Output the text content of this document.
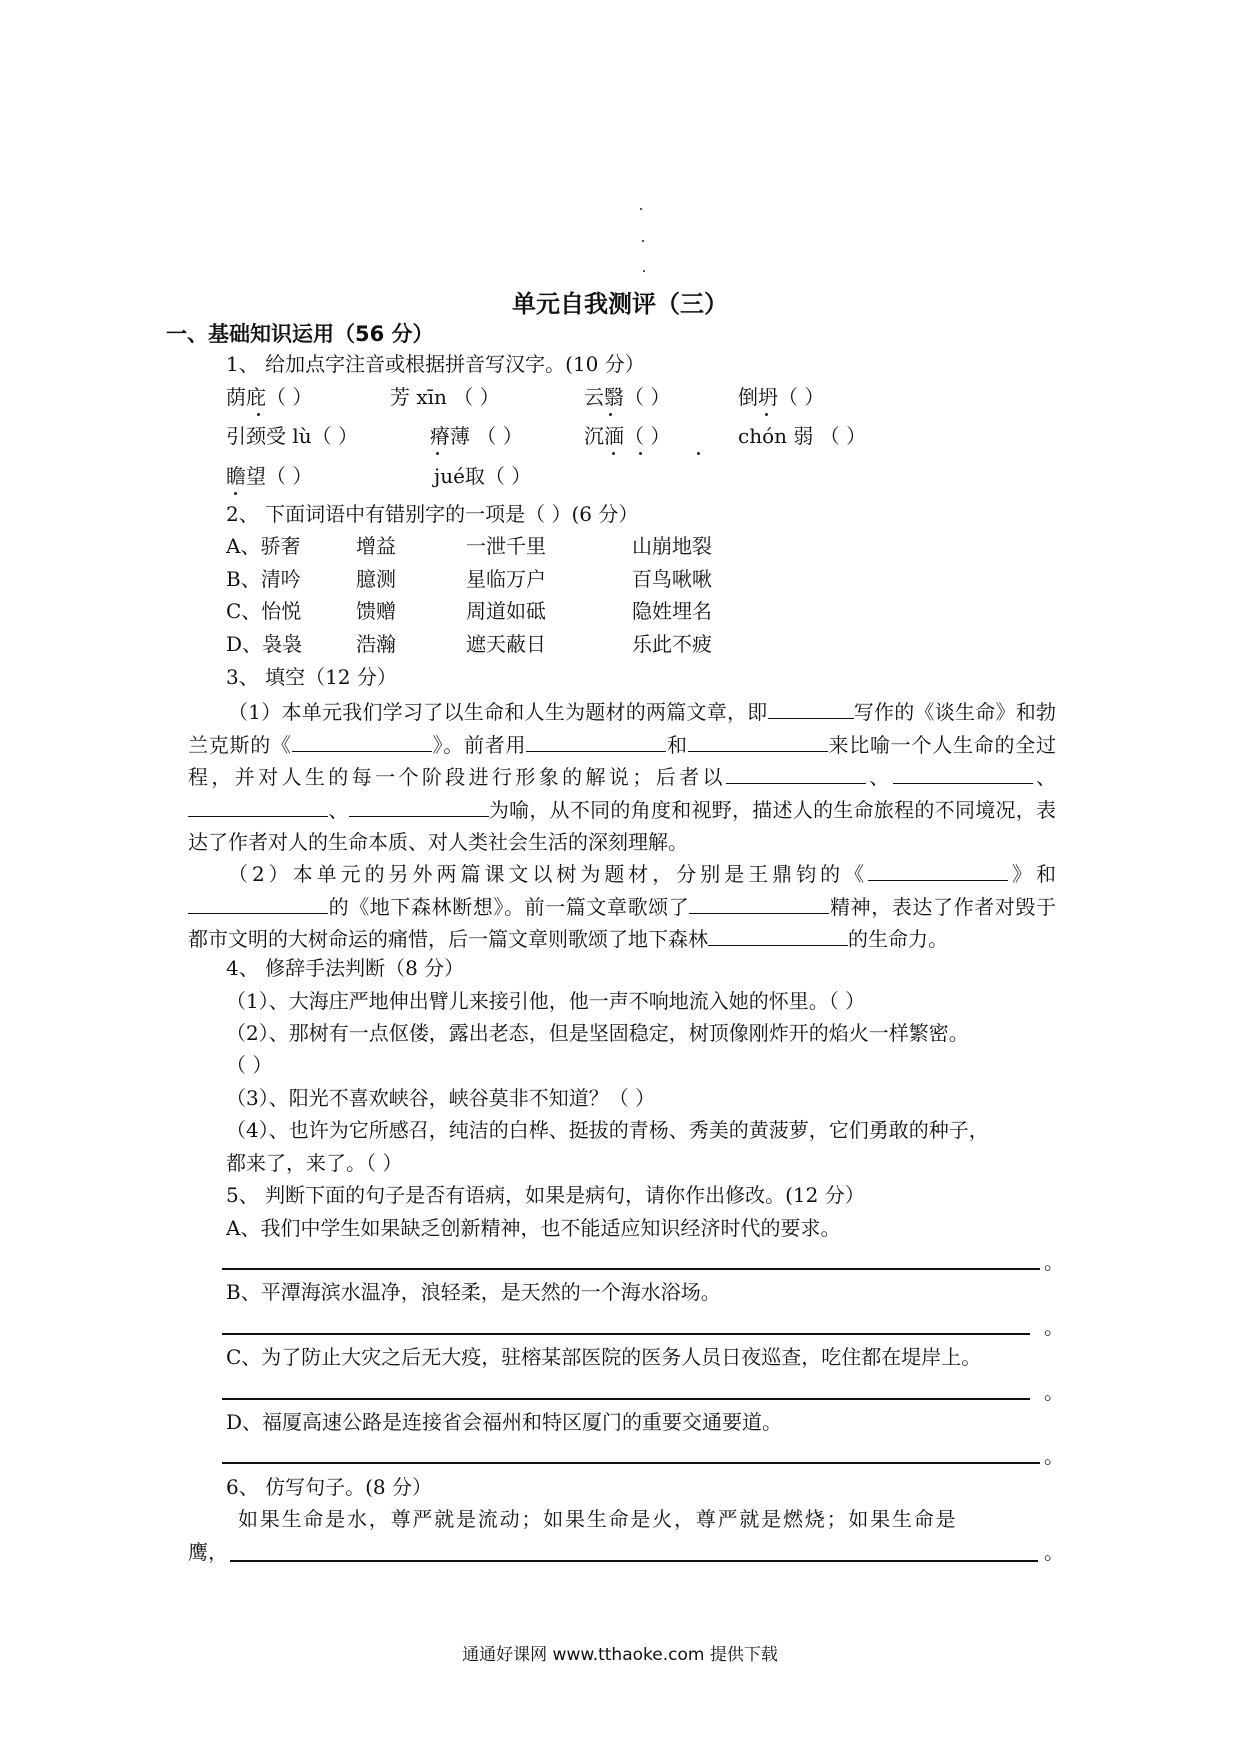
单元自我测评（三）
一、基础知识运用（56 分）
1、 给加点字注音或根据拼音写汉字。(10 分）
荫庇（ ）	芳 xīn （ ）	云翳（ ）	倒坍（ ）
引颈受 lù（ ）	瘠薄 （ ）	沉湎（ ）	chón 弱 （ ）
瞻望（ ）	jué取（ ）
2、 下面词语中有错别字的一项是（ ）(6 分）
A、骄奢	增益	一泄千里	山崩地裂
B、清吟	臆测	星临万户	百鸟啾啾
C、怡悦	馈赠	周道如砥	隐姓埋名
D、袅袅	浩瀚	遮天蔽日	乐此不疲
3、 填空（12 分）
（1）本单元我们学习了以生命和人生为题材的两篇文章，即	写作的《谈生命》和勃兰克斯的《	》。前者用	和	来比喻一个人生命的全过程，并对人生的每一个阶段进行形象的解说；后者以	、	、、	为喻，从不同的角度和视野，描述人的生命旅程的不同境况，表达了作者对人的生命本质、对人类社会生活的深刻理解。
（2）本单元的另外两篇课文以树为题材，分别是王鼎钧的《	》和的《地下森林断想》。前一篇文章歌颂了	精神，表达了作者对毁于都市文明的大树命运的痛惜，后一篇文章则歌颂了地下森林	的生命力。
4、 修辞手法判断（8 分）
（1）、大海庄严地伸出臂儿来接引他，他一声不响地流入她的怀里。（ ）
（2）、那树有一点伛偻，露出老态，但是坚固稳定，树顶像刚炸开的焰火一样繁密。
（ ）
（3）、阳光不喜欢峡谷，峡谷莫非不知道？（ ）
（4）、也许为它所感召，纯洁的白桦、挺拔的青杨、秀美的黄菠萝，它们勇敢的种子，
都来了，来了。（ ）
5、 判断下面的句子是否有语病，如果是病句，请你作出修改。(12 分）
A、我们中学生如果缺乏创新精神，也不能适应知识经济时代的要求。
。
B、平潭海滨水温净，浪轻柔，是天然的一个海水浴场。
。
C、为了防止大灾之后无大疫，驻榕某部医院的医务人员日夜巡查，吃住都在堤岸上。
。
D、福厦高速公路是连接省会福州和特区厦门的重要交通要道。
。
6、 仿写句子。(8 分）
如果生命是水，尊严就是流动；如果生命是火，尊严就是燃烧；如果生命是
鹰，	。
通通好课网 www.tthaoke.com 提供下载
